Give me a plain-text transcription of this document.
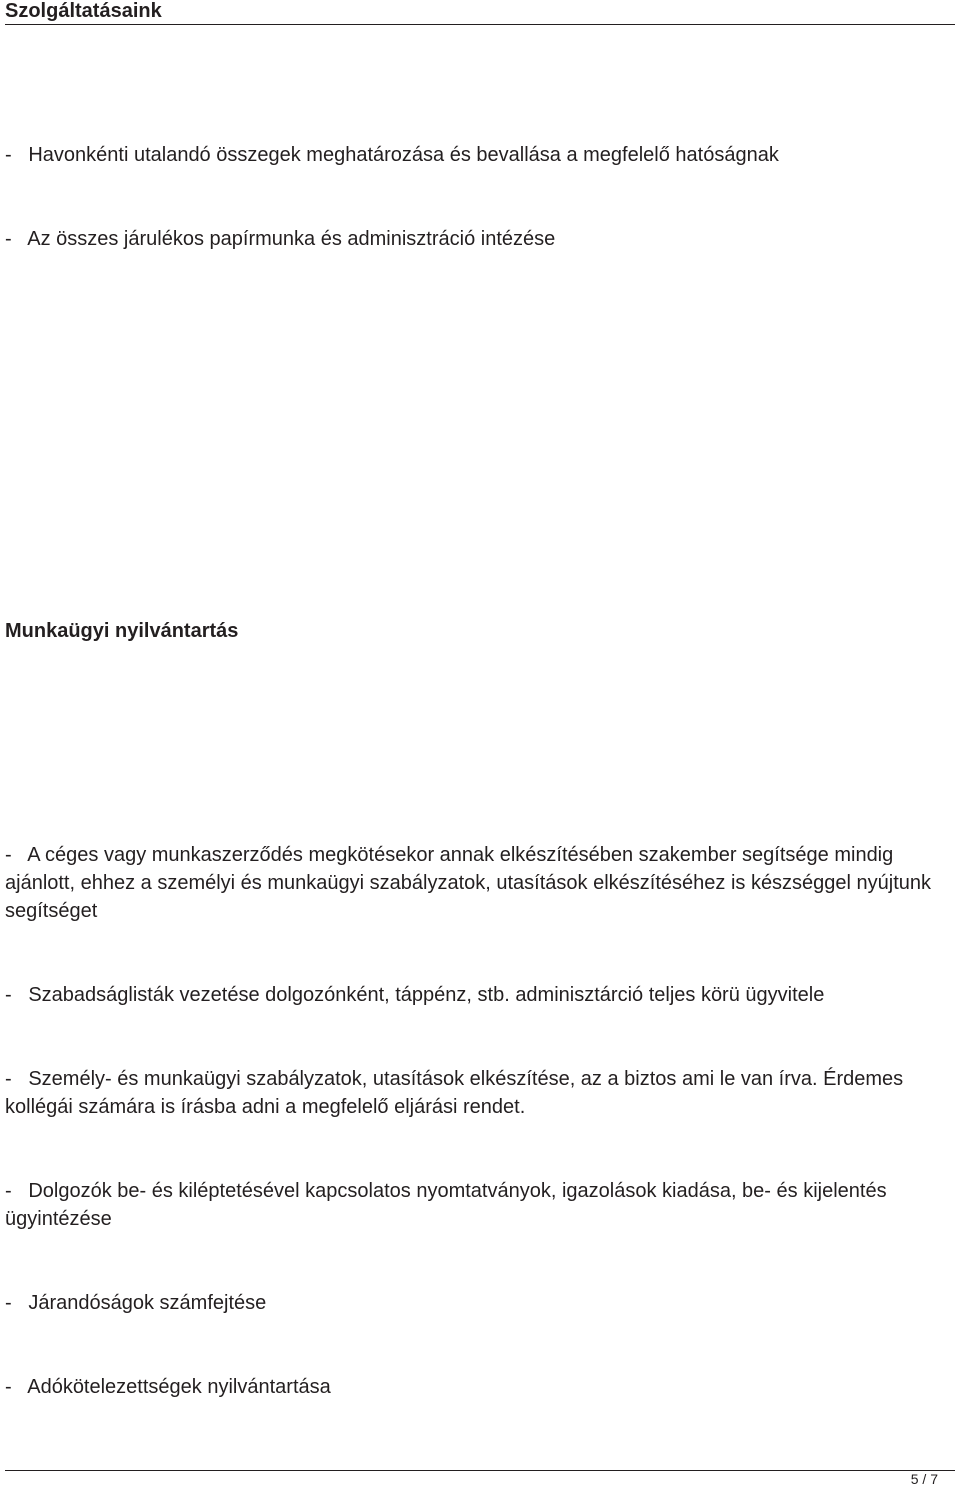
Szolgáltatásaink

-   Havonkénti utalandó összegek meghatározása és bevallása a megfelelő hatóságnak

-   Az összes járulékos papírmunka és adminisztráció intézése

Munkaügyi nyilvántartás

-   A céges vagy munkaszerződés megkötésekor annak elkészítésében szakember segítsége mindig ajánlott, ehhez a személyi és munkaügyi szabályzatok, utasítások elkészítéséhez is készséggel nyújtunk segítséget

-   Szabadságlisták vezetése dolgozónként, táppénz, stb. adminisztárció teljes körü ügyvitele

-   Személy- és munkaügyi szabályzatok, utasítások elkészítése, az a biztos ami le van írva. Érdemes kollégái számára is írásba adni a megfelelő eljárási rendet.

-   Dolgozók be- és kiléptetésével kapcsolatos nyomtatványok, igazolások kiadása, be- és kijelentés ügyintézése

-   Járandóságok számfejtése

-   Adókötelezettségek nyilvántartása

5 / 7
